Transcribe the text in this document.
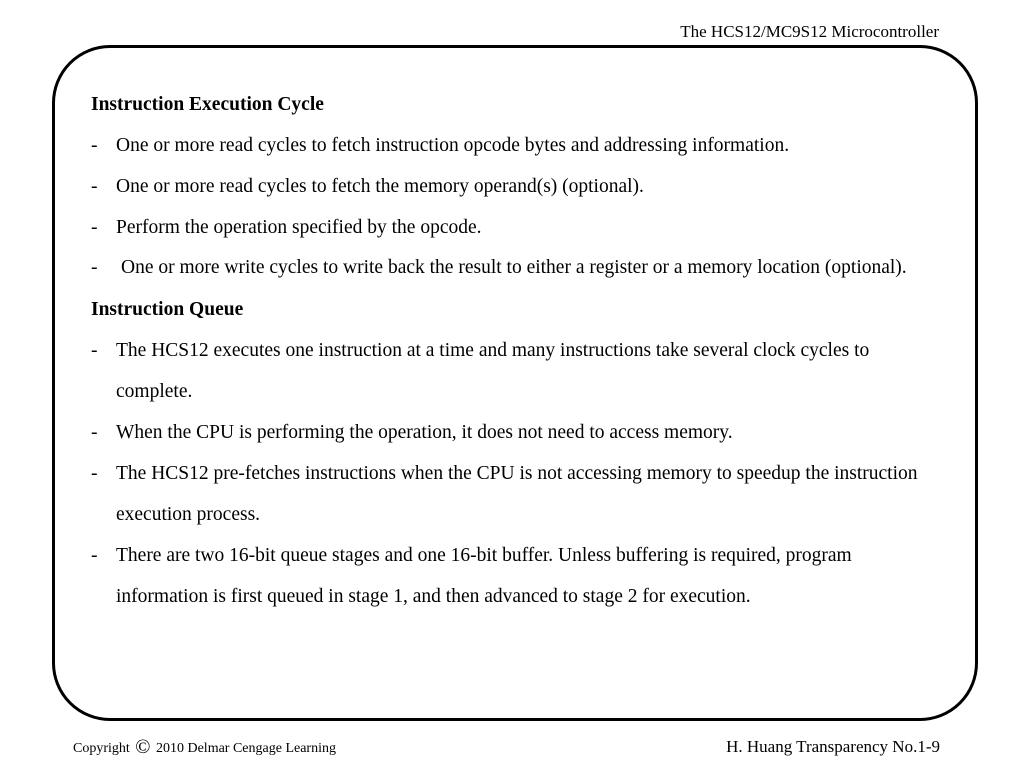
The HCS12/MC9S12 Microcontroller
Instruction Execution Cycle
- One or more read cycles to fetch instruction opcode bytes and addressing information.
- One or more read cycles to fetch the memory operand(s) (optional).
- Perform the operation specified by the opcode.
-	One or more write cycles to write back the result to either a register or a memory location (optional).
Instruction Queue
- The HCS12 executes one instruction at a time and many instructions take several clock cycles to complete.
- When the CPU is performing the operation, it does not need to access memory.
- The HCS12 pre-fetches instructions when the CPU is not accessing memory to speedup the instruction execution process.
- There are two 16-bit queue stages and one 16-bit buffer. Unless buffering is required, program information is first queued in stage 1, and then advanced to stage 2 for execution.
Copyright © 2010 Delmar Cengage Learning	H. Huang Transparency No.1-9
